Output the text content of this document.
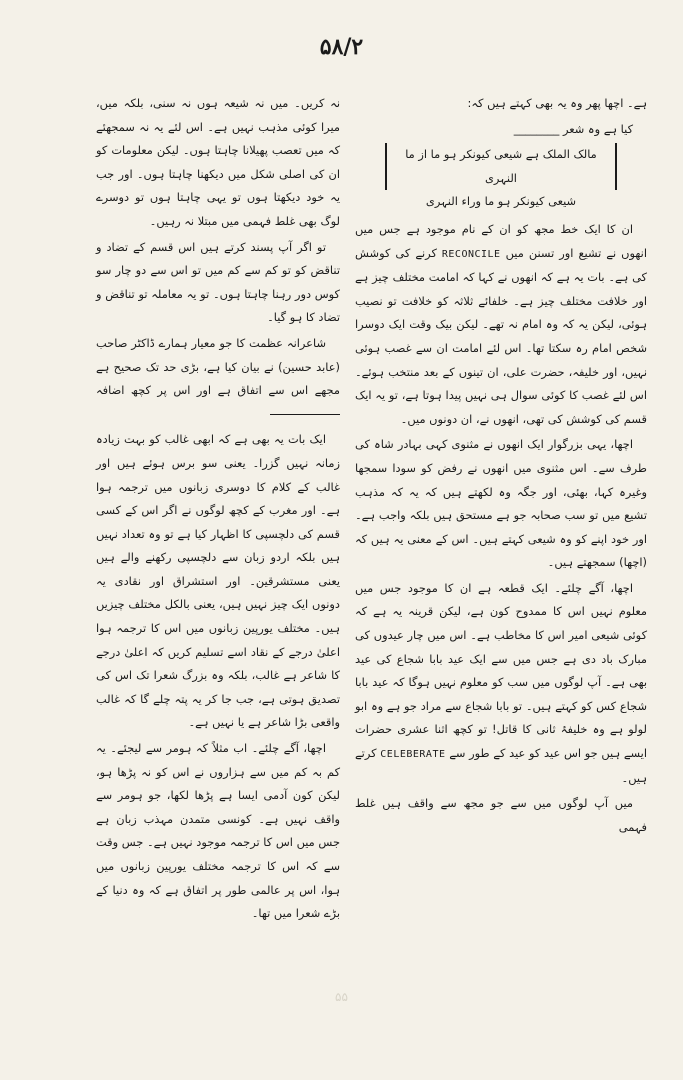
۵۸/۲

ہے۔ اچھا پھر وہ یہ بھی کہتے ہیں کہ:

کیا ہے وہ شعر ________

مالک الملک ہے شیعی کیونکر ہو ما از ما النہری
شیعی کیونکر ہو ما وراء النہری

ان کا ایک خط مجھ کو ان کے نام موجود ہے جس میں انھوں نے تشیع اور تسنن میں RECONCILE کرنے کی کوشش کی ہے۔ بات یہ ہے کہ انھوں نے کہا کہ امامت مختلف چیز ہے اور خلافت مختلف چیز ہے۔ خلفائے ثلاثہ کو خلافت تو نصیب ہوئی، لیکن یہ کہ وہ امام نہ تھے۔ لیکن بیک وقت ایک دوسرا شخص امام رہ سکتا تھا۔ اس لئے امامت ان سے غصب ہوئی نہیں، اور خلیفہ، حضرت علی، ان تینوں کے بعد منتخب ہوئے۔ اس لئے غصب کا کوئی سوال ہی نہیں پیدا ہوتا ہے، تو یہ ایک قسم کی کوشش کی تھی، انھوں نے، ان دونوں میں۔

اچھا، یہی بزرگوار ایک انھوں نے مثنوی کہی بہادر شاہ کی طرف سے۔ اس مثنوی میں انھوں نے رفض کو سودا سمجھا وغیرہ کہا، بھئی، اور جگہ وہ لکھتے ہیں کہ یہ کہ مذہب تشیع میں تو سب صحابہ جو ہے مستحق ہیں بلکہ واجب ہے۔ اور خود اپنے کو وہ شیعی کہتے ہیں۔ اس کے معنی یہ ہیں کہ (اچھا) سمجھتے ہیں۔

اچھا، آگے چلئے۔ ایک قطعہ ہے ان کا موجود جس میں معلوم نہیں اس کا ممدوح کون ہے، لیکن قرینہ یہ ہے کہ کوئی شیعی امیر اس کا مخاطب ہے۔ اس میں چار عیدوں کی مبارک باد دی ہے جس میں سے ایک عید بابا شجاع کی عید بھی ہے۔ آپ لوگوں میں سب کو معلوم نہیں ہوگا کہ عید بابا شجاع کس کو کہتے ہیں۔ تو بابا شجاع سے مراد جو ہے وہ ابو لولو ہے وہ خلیفۂ ثانی کا قاتل! تو کچھ اثنا عشری حضرات ایسے ہیں جو اس عید کو عید کے طور سے CELEBERATE کرتے ہیں۔

میں آپ لوگوں میں سے جو مجھ سے واقف ہیں غلط فہمی

نہ کریں۔ میں نہ شیعہ ہوں نہ سنی، بلکہ میں، میرا کوئی مذہب نہیں ہے۔ اس لئے یہ نہ سمجھئے کہ میں تعصب پھیلانا چاہتا ہوں۔ لیکن معلومات کو ان کی اصلی شکل میں دیکھنا چاہتا ہوں۔ اور جب یہ خود دیکھتا ہوں تو یہی چاہتا ہوں تو دوسرے لوگ بھی غلط فہمی میں مبتلا نہ رہیں۔

تو اگر آپ پسند کرتے ہیں اس قسم کے تضاد و تناقض کو تو کم سے کم میں تو اس سے دو چار سو کوس دور رہنا چاہتا ہوں۔ تو یہ معاملہ تو تناقض و تضاد کا ہو گیا۔

شاعرانہ عظمت کا جو معیار ہمارے ڈاکٹر صاحب (عابد حسین) نے بیان کیا ہے، بڑی حد تک صحیح ہے مجھے اس سے اتفاق ہے اور اس پر کچھ اضافہ

ایک بات یہ بھی ہے کہ ابھی غالب کو بہت زیادہ زمانہ نہیں گزرا۔ یعنی سو برس ہوئے ہیں اور غالب کے کلام کا دوسری زبانوں میں ترجمہ ہوا ہے۔ اور مغرب کے کچھ لوگوں نے اگر اس کے کسی قسم کی دلچسپی کا اظہار کیا ہے تو وہ تعداد نہیں ہیں بلکہ اردو زبان سے دلچسپی رکھنے والے ہیں یعنی مستشرقین۔ اور استشراق اور نقادی یہ دونوں ایک چیز نہیں ہیں، یعنی بالکل مختلف چیزیں ہیں۔ مختلف یورپین زبانوں میں اس کا ترجمہ ہوا اعلیٰ درجے کے نقاد اسے تسلیم کریں کہ اعلیٰ درجے کا شاعر ہے غالب، بلکہ وہ بزرگ شعرا تک اس کی تصدیق ہوتی ہے، جب جا کر یہ پتہ چلے گا کہ غالب واقعی بڑا شاعر ہے یا نہیں ہے۔

اچھا، آگے چلئے۔ اب مثلاً کہ ہومر سے لیجئے۔ یہ کم بہ کم میں سے ہزاروں نے اس کو نہ پڑھا ہو، لیکن کون آدمی ایسا ہے پڑھا لکھا، جو ہومر سے واقف نہیں ہے۔ کونسی متمدن مہذب زبان ہے جس میں اس کا ترجمہ موجود نہیں ہے۔ جس وقت سے کہ اس کا ترجمہ مختلف یورپین زبانوں میں ہوا، اس پر عالمی طور پر اتفاق ہے کہ وہ دنیا کے بڑے شعرا میں تھا۔

۵۵
